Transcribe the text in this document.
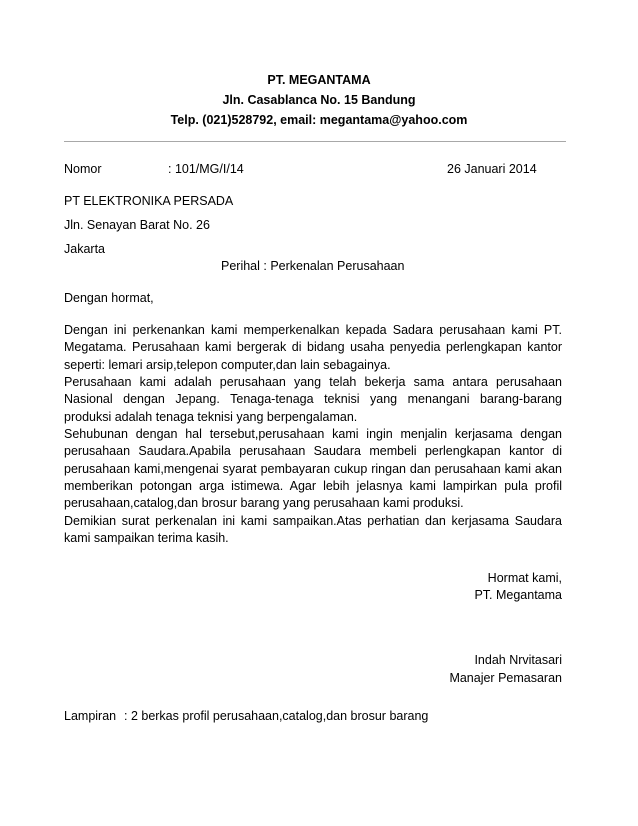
PT. MEGANTAMA
Jln. Casablanca No. 15 Bandung
Telp. (021)528792, email: megantama@yahoo.com
Nomor	: 101/MG/I/14	26 Januari 2014
PT ELEKTRONIKA PERSADA
Jln. Senayan Barat No. 26
Jakarta
Perihal : Perkenalan Perusahaan
Dengan hormat,

Dengan ini perkenankan kami memperkenalkan kepada Sadara perusahaan kami PT. Megatama. Perusahaan kami bergerak di bidang usaha penyedia perlengkapan kantor seperti: lemari arsip,telepon computer,dan lain sebagainya.

Perusahaan kami adalah perusahaan yang telah bekerja sama antara perusahaan Nasional dengan Jepang. Tenaga-tenaga teknisi yang menangani barang-barang produksi adalah tenaga teknisi yang berpengalaman.

Sehubunan dengan hal tersebut,perusahaan kami ingin menjalin kerjasama dengan perusahaan Saudara.Apabila perusahaan Saudara membeli perlengkapan kantor di perusahaan kami,mengenai syarat pembayaran cukup ringan dan perusahaan kami akan memberikan potongan arga istimewa. Agar lebih jelasnya kami lampirkan pula profil perusahaan,catalog,dan brosur barang yang perusahaan kami produksi.

Demikian surat perkenalan ini kami sampaikan.Atas perhatian dan kerjasama Saudara kami sampaikan terima kasih.

Hormat kami,
PT. Megantama
Indah Nrvitasari
Manajer Pemasaran
Lampiran : 2 berkas profil perusahaan,catalog,dan brosur barang
